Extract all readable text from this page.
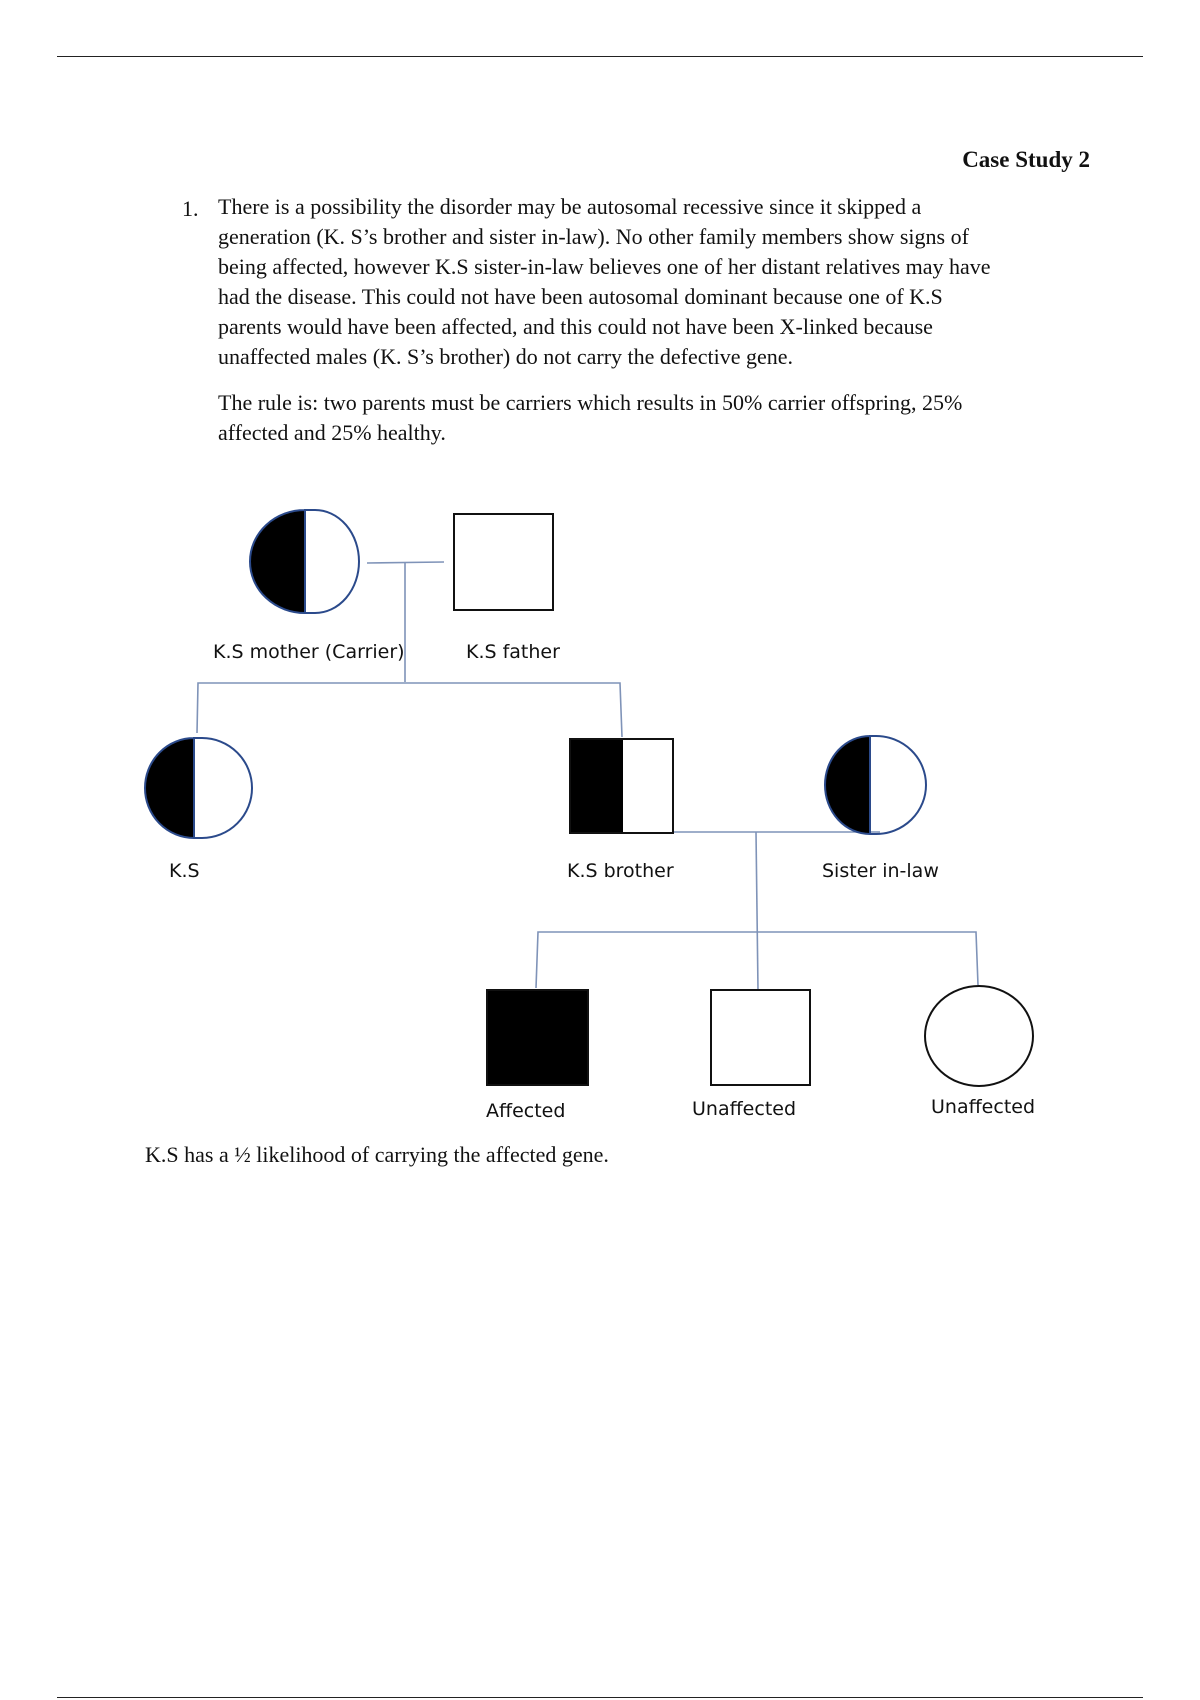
Case Study 2
1. There is a possibility the disorder may be autosomal recessive since it skipped a
generation (K. S’s brother and sister in-law). No other family members show signs of
being affected, however K.S sister-in-law believes one of her distant relatives may have
had the disease. This could not have been autosomal dominant because one of K.S
parents would have been affected, and this could not have been X-linked because
unaffected males (K. S’s brother) do not carry the defective gene.

The rule is: two parents must be carriers which results in 50% carrier offspring, 25%
affected and 25% healthy.

K.S mother (Carrier)	K.S father
K.S	K.S brother	Sister in-law
Affected	Unaffected	Unaffected
K.S has a ½ likelihood of carrying the affected gene.
